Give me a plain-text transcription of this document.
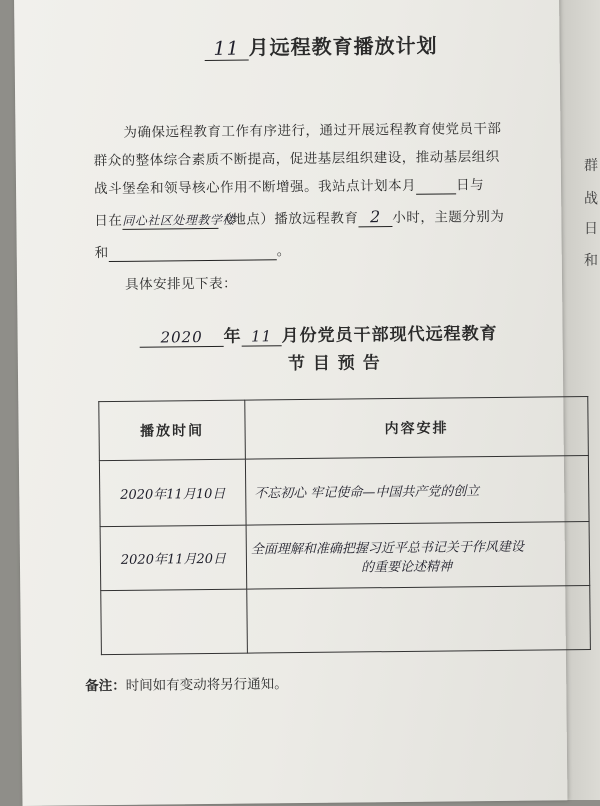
群
战
日
和
11 月远程教育播放计划
为确保远程教育工作有序进行，通过开展远程教育使党员干部
群众的整体综合素质不断提高，促进基层组织建设，推动基层组织
战斗堡垒和领导核心作用不断增强。我站点计划本月	日与
日在同心社区处理教学楼（地点）播放远程教育 2 小时，主题分别为
和	。
具体安排见下表：
2020 年 11 月份党员干部现代远程教育
节 目 预 告
播放时间	内容安排
2020年11月10日	不忘初心 牢记使命—中国共产党的创立
2020年11月20日	全面理解和准确把握习近平总书记关于作风建设
的重要论述精神

备注：时间如有变动将另行通知。
